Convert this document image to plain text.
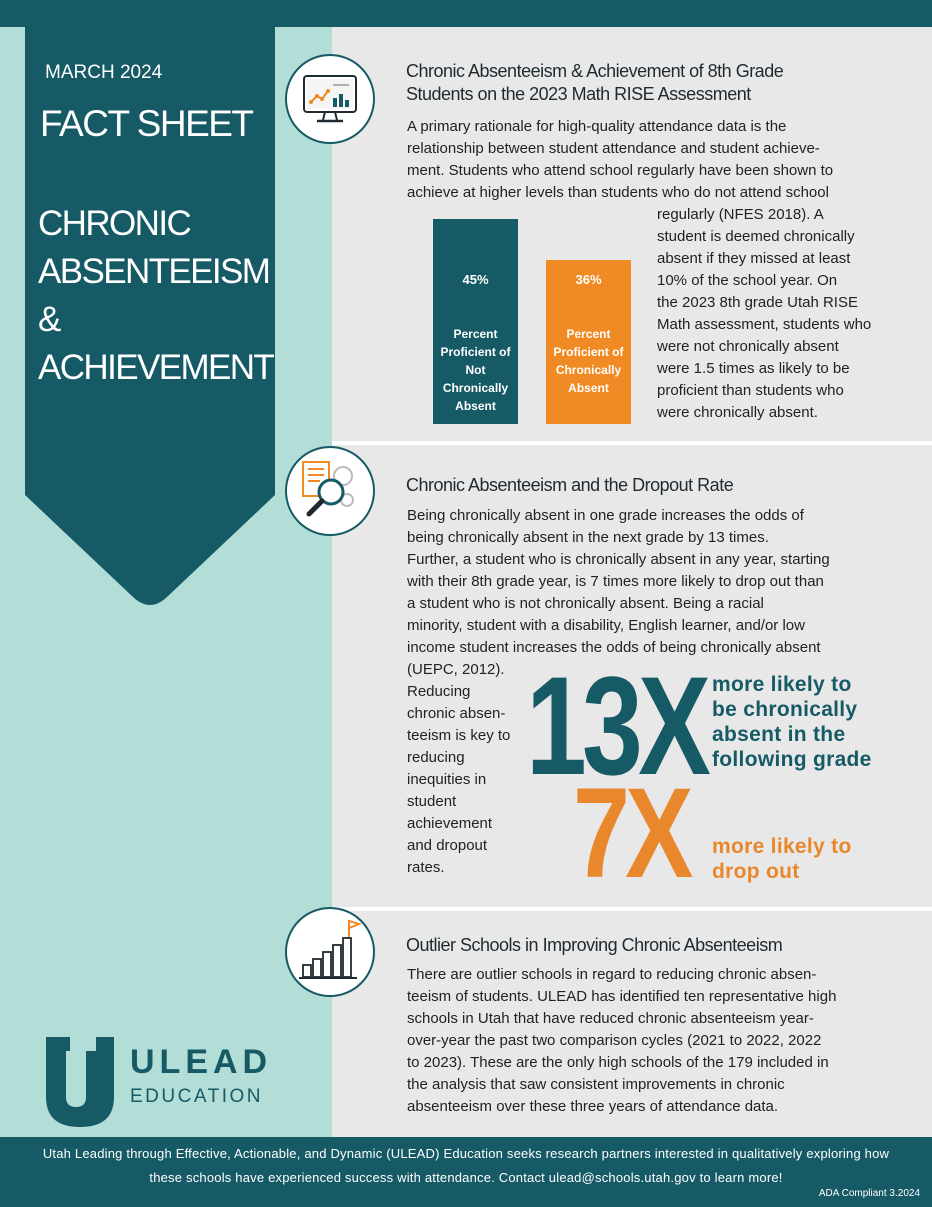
MARCH 2024
FACT SHEET
CHRONIC
ABSENTEEISM &
ACHIEVEMENT
Chronic Absenteeism & Achievement of 8th Grade
Students on the 2023 Math RISE Assessment
A primary rationale for high-quality attendance data is the
relationship between student attendance and student achieve-
ment. Students who attend school regularly have been shown to
achieve at higher levels than students who do not attend school
regularly (NFES 2018). A
student is deemed chronically
absent if they missed at least
10% of the school year. On
the 2023 8th grade Utah RISE
Math assessment, students who
were not chronically absent
were 1.5 times as likely to be
proficient than students who
were chronically absent.
45%
Percent
Proficient of
Not
Chronically
Absent
36%
Percent
Proficient of
Chronically
Absent
Chronic Absenteeism and the Dropout Rate
Being chronically absent in one grade increases the odds of
being chronically absent in the next grade by 13 times.
Further, a student who is chronically absent in any year, starting
with their 8th grade year, is 7 times more likely to drop out than
a student who is not chronically absent. Being a racial
minority, student with a disability, English learner, and/or low
income student increases the odds of being chronically absent
(UEPC, 2012).
Reducing
chronic absen-
teeism is key to
reducing
inequities in
student
achievement
and dropout
rates.
13X more likely to
be chronically
absent in the
following grade
7X more likely to
drop out
Outlier Schools in Improving Chronic Absenteeism
There are outlier schools in regard to reducing chronic absen-
teeism of students. ULEAD has identified ten representative high
schools in Utah that have reduced chronic absenteeism year-
over-year the past two comparison cycles (2021 to 2022, 2022
to 2023). These are the only high schools of the 179 included in
the analysis that saw consistent improvements in chronic
absenteeism over these three years of attendance data.
ULEAD
EDUCATION
Utah Leading through Effective, Actionable, and Dynamic (ULEAD) Education seeks research partners interested in qualitatively exploring how
these schools have experienced success with attendance. Contact ulead@schools.utah.gov to learn more!
ADA Compliant 3.2024
